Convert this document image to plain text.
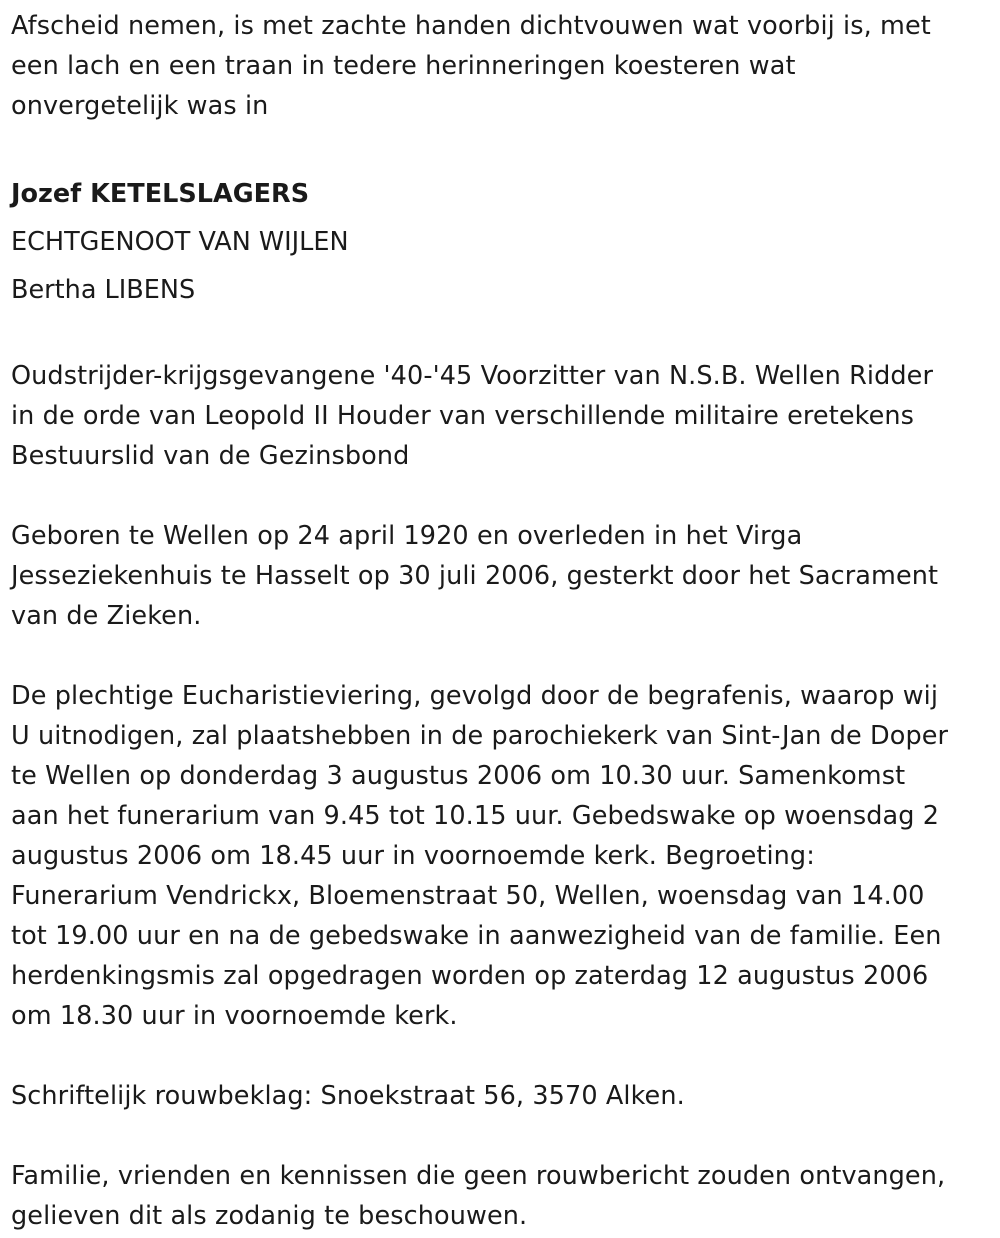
Afscheid nemen, is met zachte handen dichtvouwen wat voorbij is, met
een lach en een traan in tedere herinneringen koesteren wat
onvergetelijk was in

Jozef KETELSLAGERS

ECHTGENOOT VAN WIJLEN

Bertha LIBENS

Oudstrijder-krijgsgevangene '40-'45 Voorzitter van N.S.B. Wellen Ridder
in de orde van Leopold II Houder van verschillende militaire eretekens
Bestuurslid van de Gezinsbond

Geboren te Wellen op 24 april 1920 en overleden in het Virga
Jesseziekenhuis te Hasselt op 30 juli 2006, gesterkt door het Sacrament
van de Zieken.

De plechtige Eucharistieviering, gevolgd door de begrafenis, waarop wij
U uitnodigen, zal plaatshebben in de parochiekerk van Sint-Jan de Doper
te Wellen op donderdag 3 augustus 2006 om 10.30 uur. Samenkomst
aan het funerarium van 9.45 tot 10.15 uur. Gebedswake op woensdag 2
augustus 2006 om 18.45 uur in voornoemde kerk. Begroeting:
Funerarium Vendrickx, Bloemenstraat 50, Wellen, woensdag van 14.00
tot 19.00 uur en na de gebedswake in aanwezigheid van de familie. Een
herdenkingsmis zal opgedragen worden op zaterdag 12 augustus 2006
om 18.30 uur in voornoemde kerk.

Schriftelijk rouwbeklag: Snoekstraat 56, 3570 Alken.

Familie, vrienden en kennissen die geen rouwbericht zouden ontvangen,
gelieven dit als zodanig te beschouwen.
